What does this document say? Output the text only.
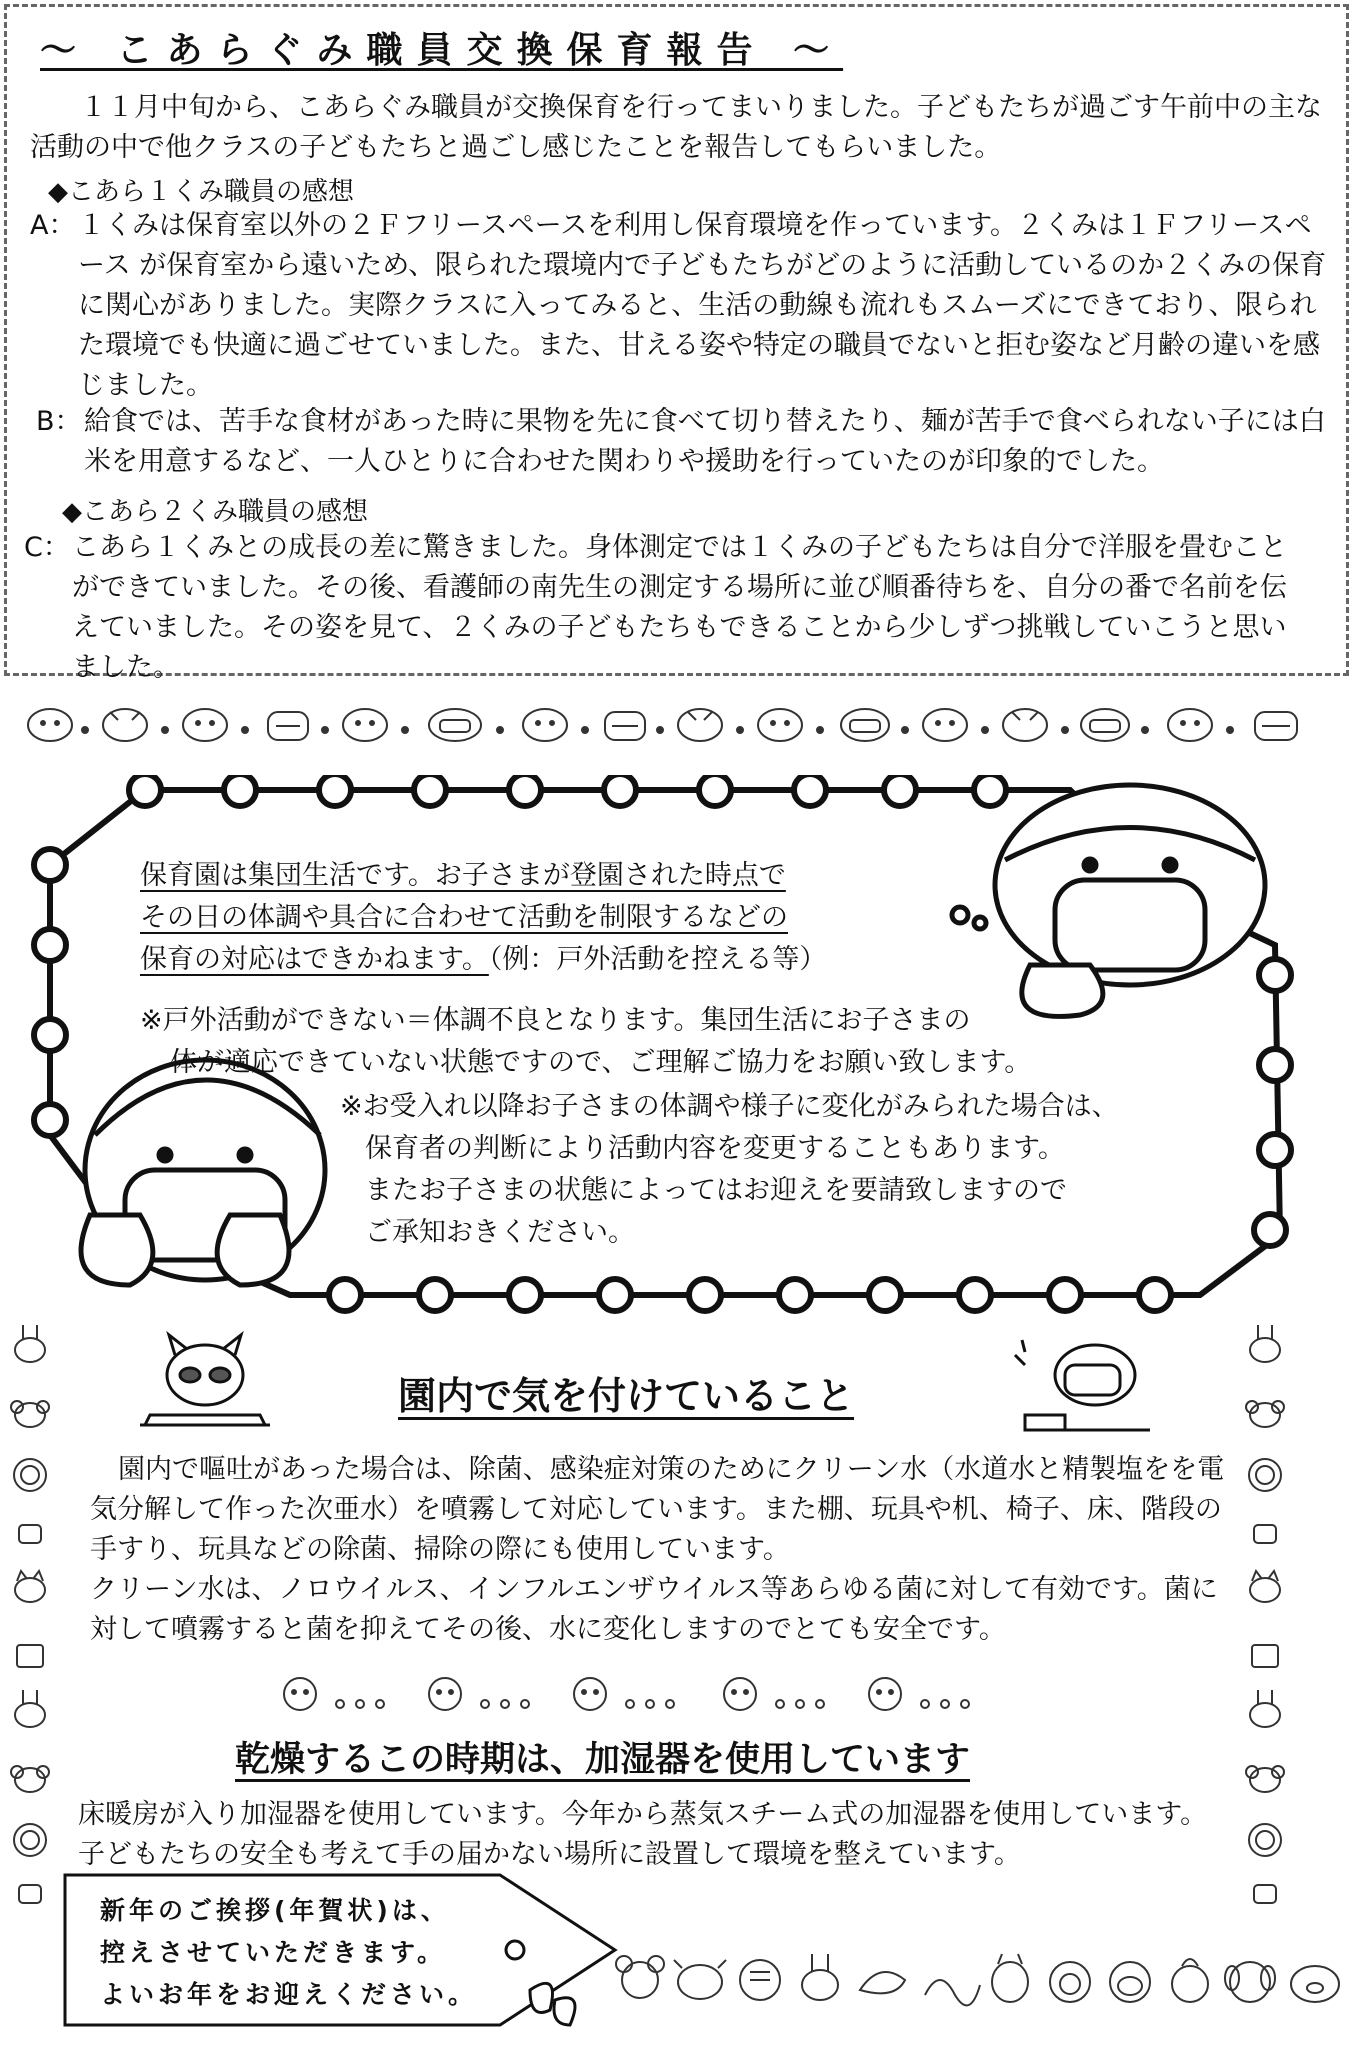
～ こあらぐみ職員交換保育報告 ～
１１月中旬から、こあらぐみ職員が交換保育を行ってまいりました。子どもたちが過ごす午前中の主な活動の中で他クラスの子どもたちと過ごし感じたことを報告してもらいました。
◆こあら１くみ職員の感想
A： １くみは保育室以外の２Ｆフリースペースを利用し保育環境を作っています。２くみは１Ｆフリースペース が保育室から遠いため、限られた環境内で子どもたちがどのように活動しているのか２くみの保育に関心がありました。実際クラスに入ってみると、生活の動線も流れもスムーズにできており、限られた環境でも快適に過ごせていました。また、甘える姿や特定の職員でないと拒む姿など月齢の違いを感じました。
B： 給食では、苦手な食材があった時に果物を先に食べて切り替えたり、麺が苦手で食べられない子には白米を用意するなど、一人ひとりに合わせた関わりや援助を行っていたのが印象的でした。
◆こあら２くみ職員の感想
C： こあら１くみとの成長の差に驚きました。身体測定では１くみの子どもたちは自分で洋服を畳むことができていました。その後、看護師の南先生の測定する場所に並び順番待ちを、自分の番で名前を伝えていました。その姿を見て、２くみの子どもたちもできることから少しずつ挑戦していこうと思いました。
保育園は集団生活です。お子さまが登園された時点で
その日の体調や具合に合わせて活動を制限するなどの
保育の対応はできかねます。（例：戸外活動を控える等）
※戸外活動ができない＝体調不良となります。集団生活にお子さまの
体が適応できていない状態ですので、ご理解ご協力をお願い致します。
※お受入れ以降お子さまの体調や様子に変化がみられた場合は、
保育者の判断により活動内容を変更することもあります。
またお子さまの状態によってはお迎えを要請致しますので
ご承知おきください。
園内で気を付けていること
園内で嘔吐があった場合は、除菌、感染症対策のためにクリーン水（水道水と精製塩をを電気分解して作った次亜水）を噴霧して対応しています。また棚、玩具や机、椅子、床、階段の手すり、玩具などの除菌、掃除の際にも使用しています。
クリーン水は、ノロウイルス、インフルエンザウイルス等あらゆる菌に対して有効です。菌に対して噴霧すると菌を抑えてその後、水に変化しますのでとても安全です。
乾燥するこの時期は、加湿器を使用しています
床暖房が入り加湿器を使用しています。今年から蒸気スチーム式の加湿器を使用しています。子どもたちの安全も考えて手の届かない場所に設置して環境を整えています。
新年のご挨拶(年賀状)は、
控えさせていただきます。
よいお年をお迎えください。
